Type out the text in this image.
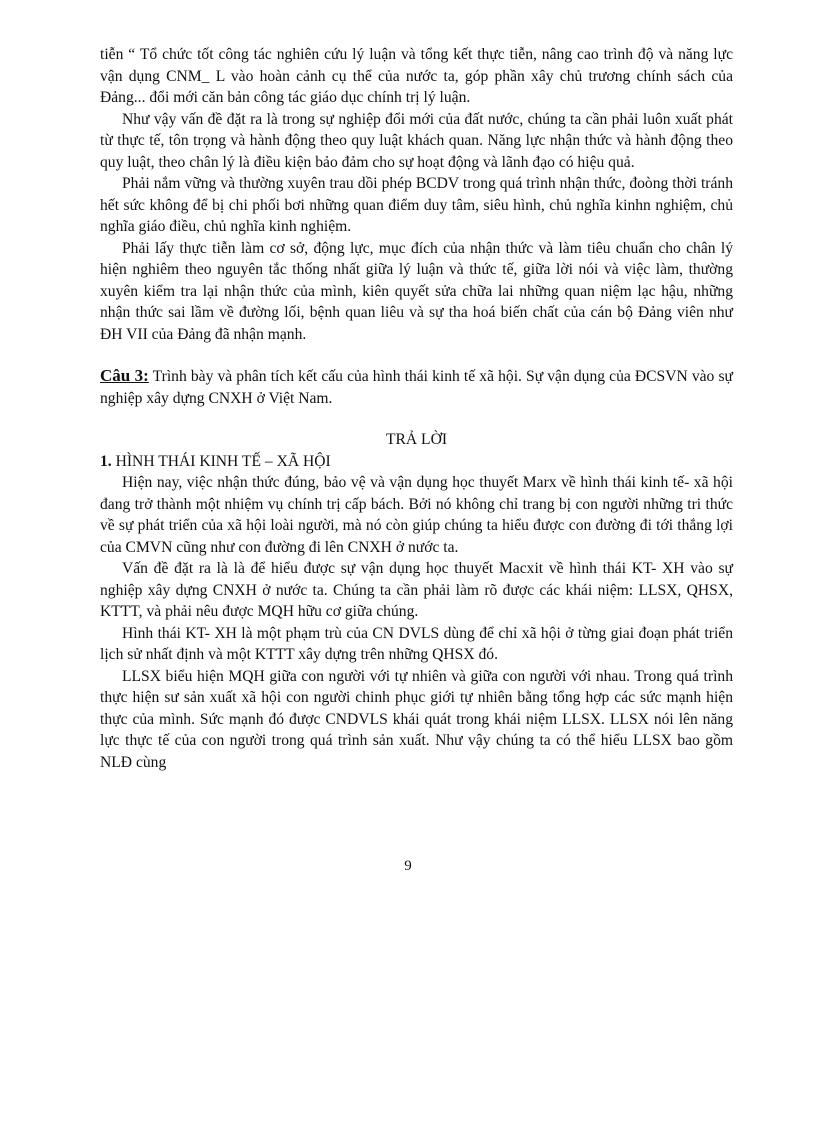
tiễn “ Tổ chức tốt công tác nghiên cứu lý luận và tổng kết thực tiễn, nâng cao trình độ và năng lực vận dụng CNM_ L vào hoàn cảnh cụ thể của nước ta, góp phần xây chủ trương chính sách của Đảng... đổi mới căn bản công tác giáo dục chính trị lý luận.

Như vậy vấn đề đặt ra là trong sự nghiệp đổi mới của đất nước, chúng ta cần phải luôn xuất phát từ thực tế, tôn trọng và hành động theo quy luật khách quan. Năng lực nhận thức và hành động theo quy luật, theo chân lý là điều kiện bảo đảm cho sự hoạt động và lãnh đạo có hiệu quả.

Phải nắm vững và thường xuyên trau dồi phép BCDV trong quá trình nhận thức, đoòng thời tránh hết sức không để bị chi phối bơi những quan điểm duy tâm, siêu hình, chủ nghĩa kinhn nghiệm, chủ nghĩa giáo điều, chủ nghĩa kinh nghiệm.

Phải lấy thực tiễn làm cơ sở, động lực, mục đích của nhận thức và làm tiêu chuẩn cho chân lý hiện nghiêm theo nguyên tắc thống nhất giữa lý luận và thức tế, giữa lời nói và việc làm, thường xuyên kiểm tra lại nhận thức của mình, kiên quyết sửa chữa lai những quan niệm lạc hậu, những nhận thức sai lầm về đường lối, bệnh quan liêu và sự tha hoá biến chất của cán bộ Đảng viên như ĐH VII của Đảng đã nhận mạnh.

Câu 3: Trình bày và phân tích kết cấu của hình thái kinh tế xã hội. Sự vận dụng của ĐCSVN vào sự nghiệp xây dựng CNXH ở Việt Nam.
TRẢ LỜI
1. HÌNH THÁI KINH TẾ – XÃ HỘI

Hiện nay, việc nhận thức đúng, bảo vệ và vận dụng học thuyết Marx về hình thái kinh tế- xã hội đang trở thành một nhiệm vụ chính trị cấp bách. Bởi nó không chỉ trang bị con người những tri thức về sự phát triển của xã hội loài người, mà nó còn giúp chúng ta hiểu được con đường đi tới thắng lợi của CMVN cũng như con đường đi lên CNXH ở nước ta.

Vấn đề đặt ra là là để hiểu được sự vận dụng học thuyết Macxit về hình thái KT- XH vào sự nghiệp xây dựng CNXH ở nước ta. Chúng ta cần phải làm rõ được các khái niệm: LLSX, QHSX, KTTT, và phải nêu được MQH hữu cơ giữa chúng.

Hình thái KT- XH là một phạm trù của CN DVLS dùng để chỉ xã hội ở từng giai đoạn phát triển lịch sử nhất định và một KTTT xây dựng trên những QHSX đó.

LLSX biểu hiện MQH giữa con người với tự nhiên và giữa con người với nhau. Trong quá trình thực hiện sư sản xuất xã hội con người chinh phục giới tự nhiên bằng tổng hợp các sức mạnh hiện thực của mình. Sức mạnh đó được CNDVLS khái quát trong khái niệm LLSX. LLSX nói lên năng lực thực tế của con người trong quá trình sản xuất. Như vậy chúng ta có thể hiểu LLSX bao gồm NLĐ cùng

9
